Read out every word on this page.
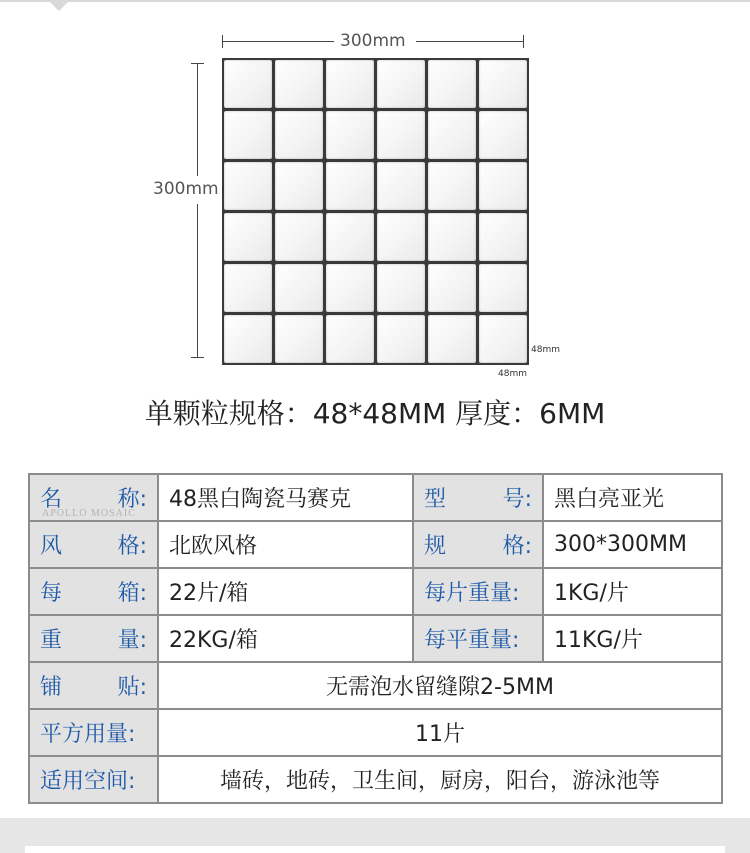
300mm
300mm
48mm
48mm
单颗粒规格：48*48MM 厚度：6MM
名 称:	48黑白陶瓷马赛克	型 号:	黑白亮亚光

风 格:	北欧风格	规 格:	300*300MM

每 箱:	22片/箱	每片重量:	1KG/片

重 量:	22KG/箱	每平重量:	11KG/片

铺 贴:	无需泡水留缝隙2-5MM		
平方用量:	11片		
适用空间:	墙砖，地砖，卫生间，厨房，阳台，游泳池等		
APOLLO MOSAIC
